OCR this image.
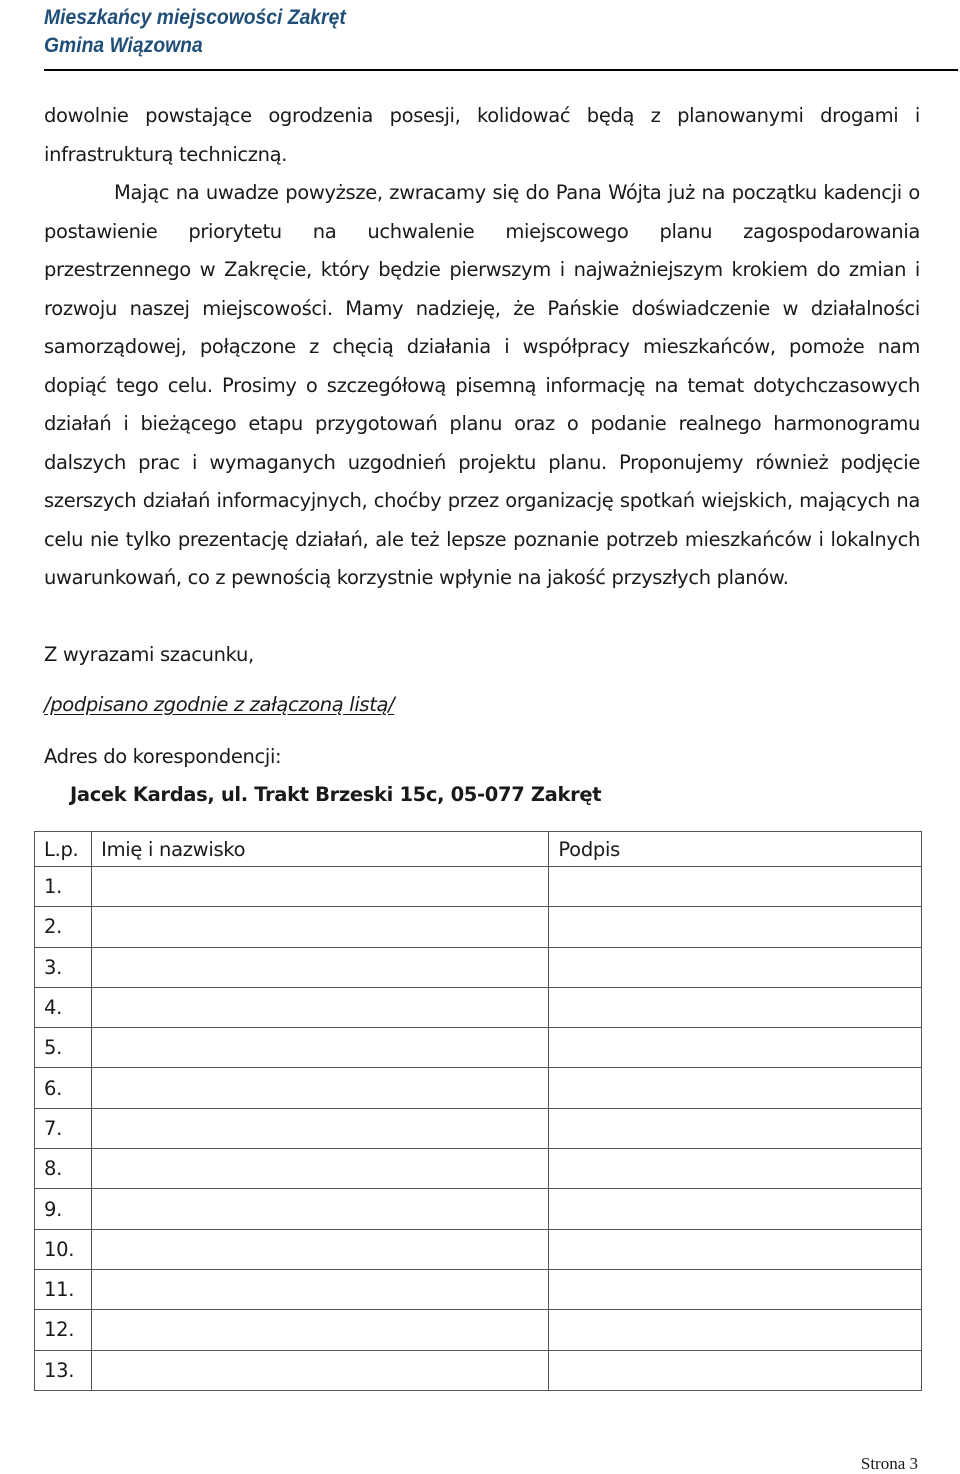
Mieszkańcy miejscowości Zakręt
Gmina Wiązowna

dowolnie powstające ogrodzenia posesji, kolidować będą z planowanymi drogami i infrastrukturą techniczną.

Mając na uwadze powyższe, zwracamy się do Pana Wójta już na początku kadencji o postawienie priorytetu na uchwalenie miejscowego planu zagospodarowania przestrzennego w Zakręcie, który będzie pierwszym i najważniejszym krokiem do zmian i rozwoju naszej miejscowości. Mamy nadzieję, że Pańskie doświadczenie w działalności samorządowej, połączone z chęcią działania i współpracy mieszkańców, pomoże nam dopiąć tego celu. Prosimy o szczegółową pisemną informację na temat dotychczasowych działań i bieżącego etapu przygotowań planu oraz o podanie realnego harmonogramu dalszych prac i wymaganych uzgodnień projektu planu. Proponujemy również podjęcie szerszych działań informacyjnych, choćby przez organizację spotkań wiejskich, mających na celu nie tylko prezentację działań, ale też lepsze poznanie potrzeb mieszkańców i lokalnych uwarunkowań, co z pewnością korzystnie wpłynie na jakość przyszłych planów.

Z wyrazami szacunku,
/podpisano zgodnie z załączoną listą/
Adres do korespondencji:
Jacek Kardas, ul. Trakt Brzeski 15c, 05-077 Zakręt
L.p.	Imię i nazwisko	Podpis
1.		
2.		
3.		
4.		
5.		
6.		
7.		
8.		
9.		
10.		
11.		
12.		
13.		
Strona 3
